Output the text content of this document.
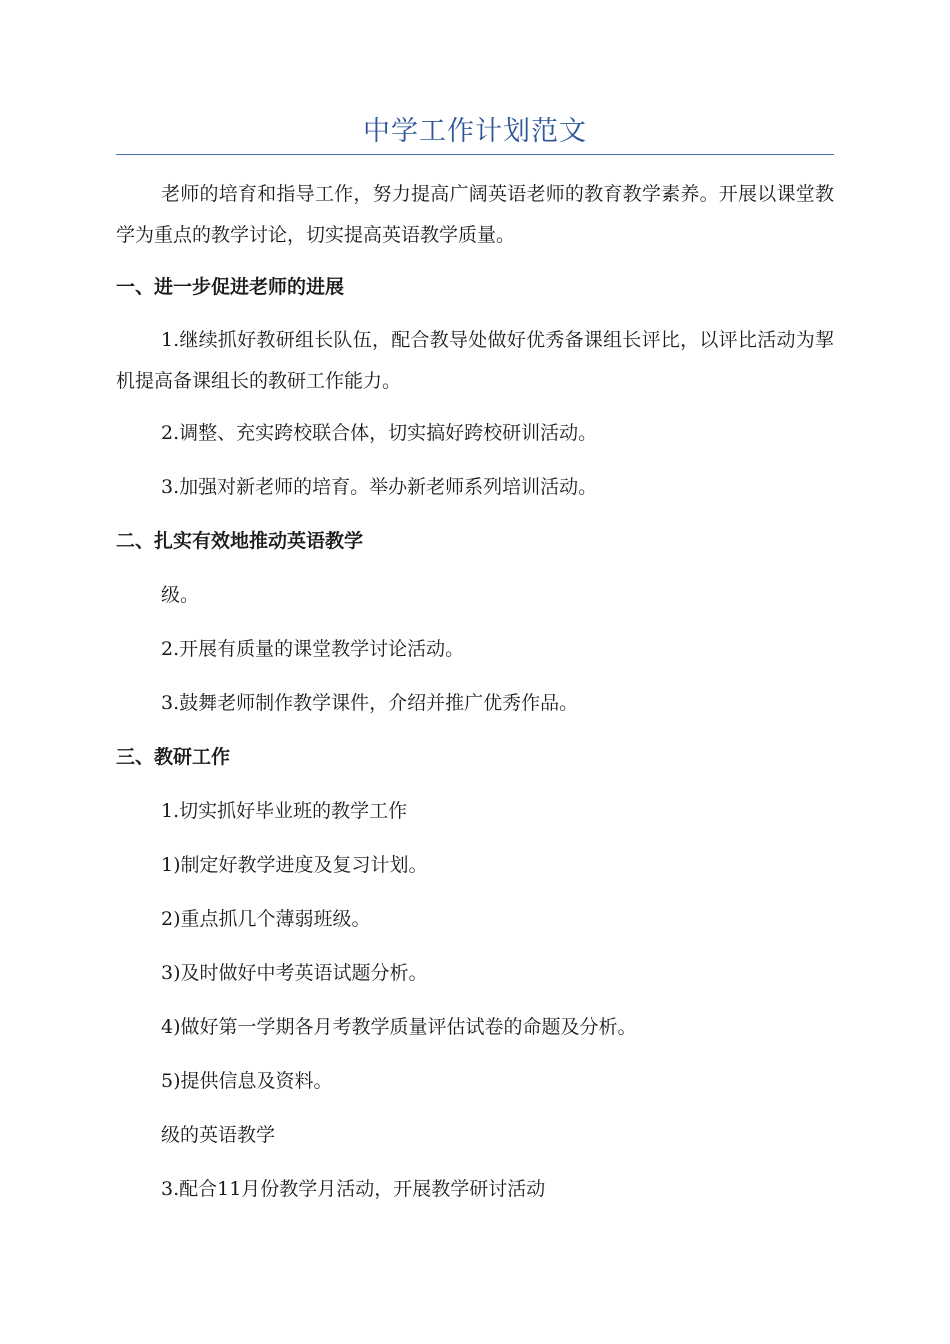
中学工作计划范文
老师的培育和指导工作，努力提高广阔英语老师的教育教学素养。开展以课堂教学为重点的教学讨论，切实提高英语教学质量。
一、进一步促进老师的进展
1.继续抓好教研组长队伍，配合教导处做好优秀备课组长评比，以评比活动为挈机提高备课组长的教研工作能力。
2.调整、充实跨校联合体，切实搞好跨校研训活动。
3.加强对新老师的培育。举办新老师系列培训活动。
二、扎实有效地推动英语教学
级。
2.开展有质量的课堂教学讨论活动。
3.鼓舞老师制作教学课件，介绍并推广优秀作品。
三、教研工作
1.切实抓好毕业班的教学工作
1)制定好教学进度及复习计划。
2)重点抓几个薄弱班级。
3)及时做好中考英语试题分析。
4)做好第一学期各月考教学质量评估试卷的命题及分析。
5)提供信息及资料。
级的英语教学
3.配合11月份教学月活动，开展教学研讨活动
